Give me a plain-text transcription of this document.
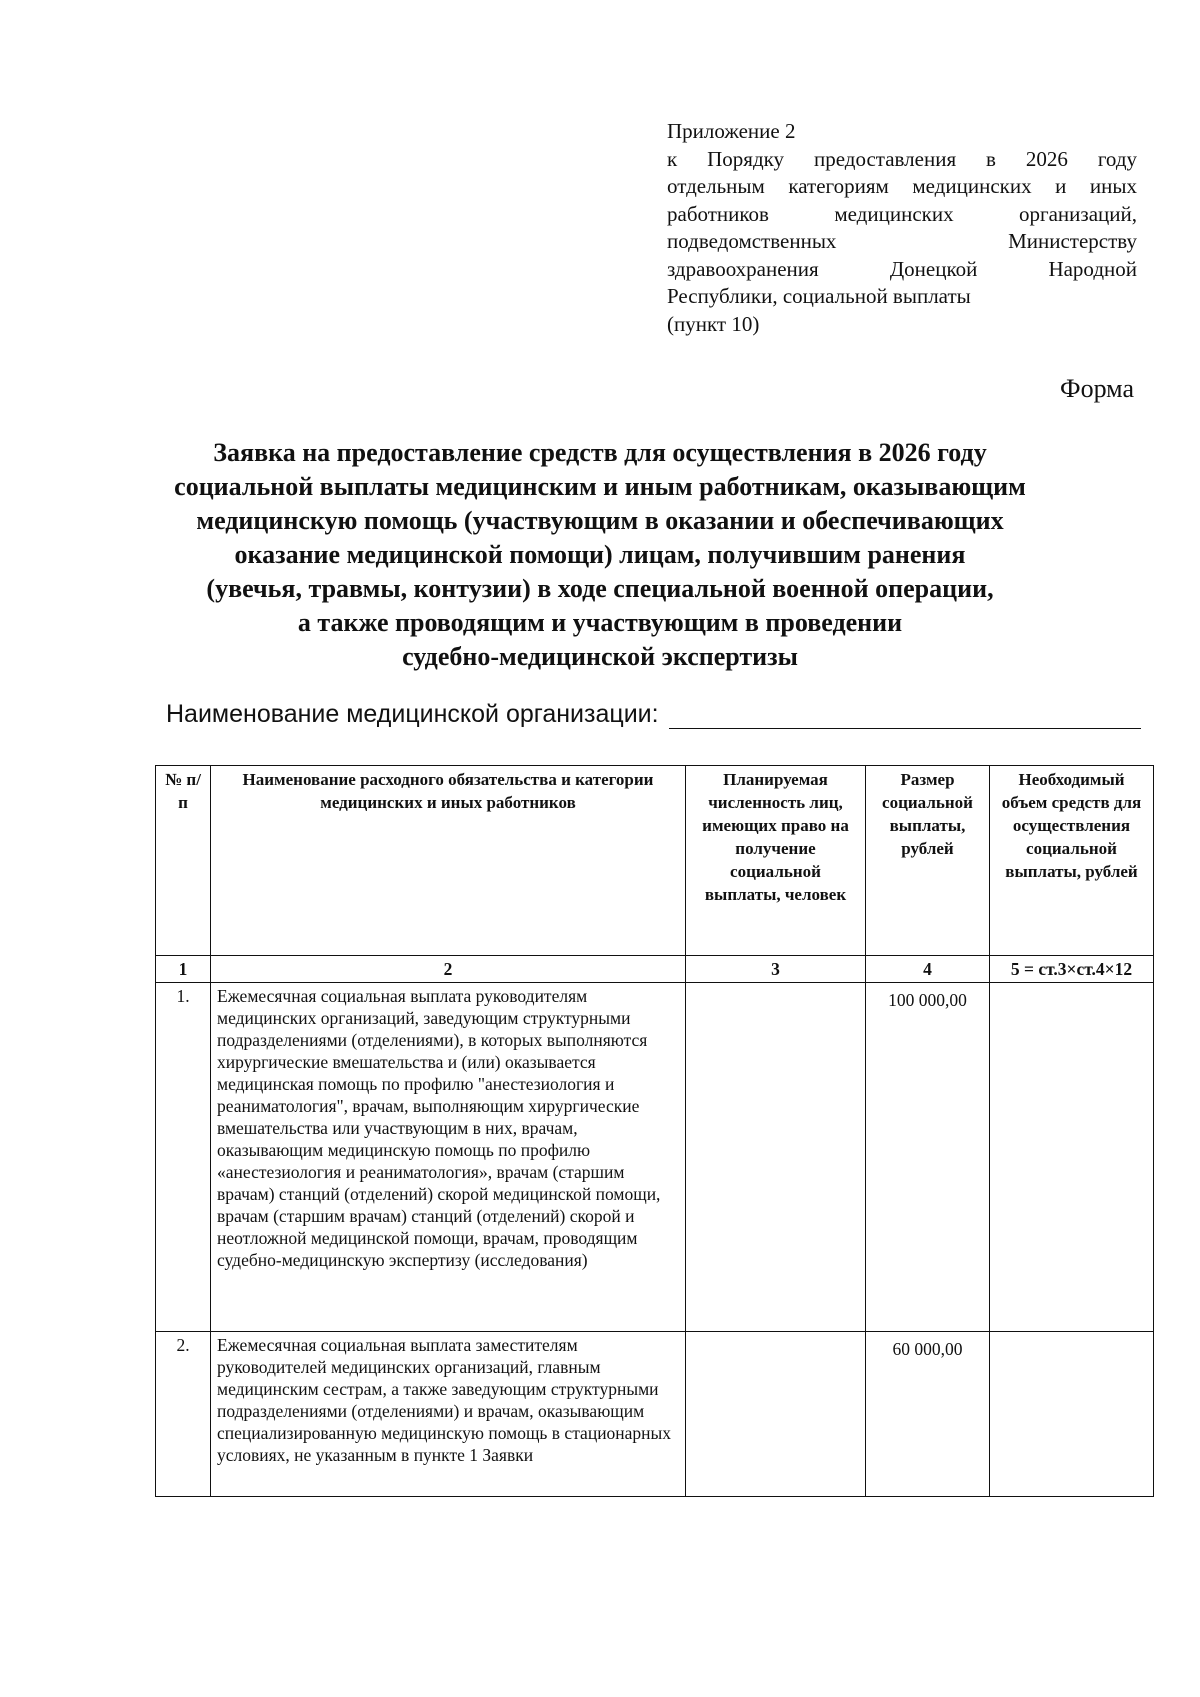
Приложение 2
к Порядку предоставления в 2026 году
отдельным категориям медицинских и иных
работников медицинских организаций,
подведомственных Министерству
здравоохранения Донецкой Народной
Республики, социальной выплаты
(пункт 10)
Форма
Заявка на предоставление средств для осуществления в 2026 году
социальной выплаты медицинским и иным работникам, оказывающим
медицинскую помощь (участвующим в оказании и обеспечивающих
оказание медицинской помощи) лицам, получившим ранения
(увечья, травмы, контузии) в ходе специальной военной операции,
а также проводящим и участвующим в проведении
судебно-медицинской экспертизы
Наименование медицинской организации:
№ п/п	Наименование расходного обязательства и категории медицинских и иных работников	Планируемая численность лиц, имеющих право на получение социальной выплаты, человек	Размер социальной выплаты, рублей	Необходимый объем средств для осуществления социальной выплаты, рублей
1	2	3	4	5 = ст.3×ст.4×12
1.	Ежемесячная социальная выплата руководителям медицинских организаций, заведующим структурными подразделениями (отделениями), в которых выполняются хирургические вмешательства и (или) оказывается медицинская помощь по профилю "анестезиология и реаниматология", врачам, выполняющим хирургические вмешательства или участвующим в них, врачам, оказывающим медицинскую помощь по профилю «анестезиология и реаниматология», врачам (старшим врачам) станций (отделений) скорой медицинской помощи, врачам (старшим врачам) станций (отделений) скорой и неотложной медицинской помощи, врачам, проводящим судебно-медицинскую экспертизу (исследования)		100 000,00	
2.	Ежемесячная социальная выплата заместителям руководителей медицинских организаций, главным медицинским сестрам, а также заведующим структурными подразделениями (отделениями) и врачам, оказывающим специализированную медицинскую помощь в стационарных условиях, не указанным в пункте 1 Заявки		60 000,00	
